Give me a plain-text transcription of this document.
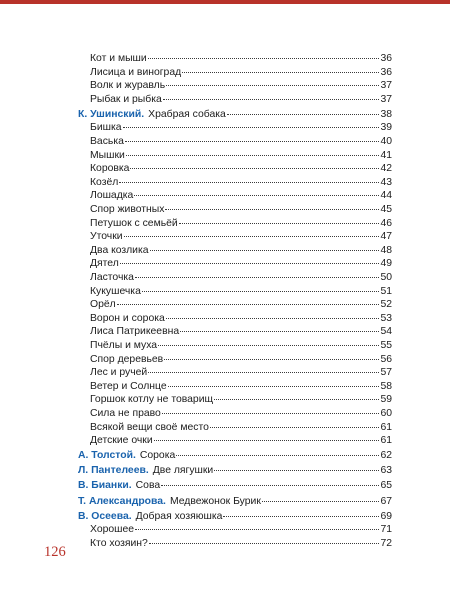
Кот и мыши	36
Лисица и виноград	36
Волк и журавль	37
Рыбак и рыбка	37
К. Ушинский. Храбрая собака	38
Бишка	39
Васька	40
Мышки	41
Коровка	42
Козёл	43
Лошадка	44
Спор животных	45
Петушок с семьёй	46
Уточки	47
Два козлика	48
Дятел	49
Ласточка	50
Кукушечка	51
Орёл	52
Ворон и сорока	53
Лиса Патрикеевна	54
Пчёлы и муха	55
Спор деревьев	56
Лес и ручей	57
Ветер и Солнце	58
Горшок котлу не товарищ	59
Сила не право	60
Всякой вещи своё место	61
Детские очки	61
А. Толстой. Сорока	62
Л. Пантелеев. Две лягушки	63
В. Бианки. Сова	65
Т. Александрова. Медвежонок Бурик	67
В. Осеева. Добрая хозяюшка	69
Хорошее	71
Кто хозяин?	72
126
